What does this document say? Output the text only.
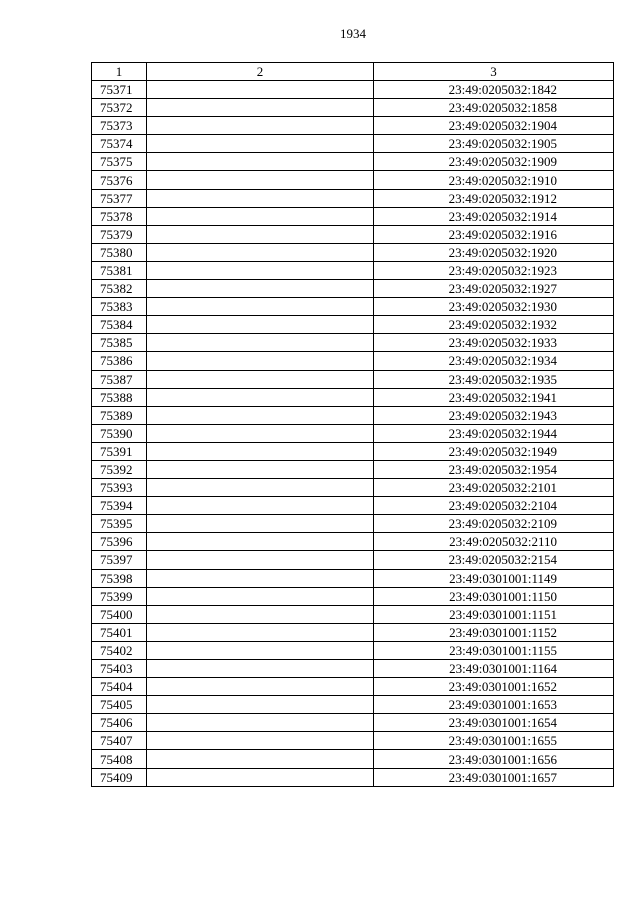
1934
1	2	3
75371		23:49:0205032:1842
75372		23:49:0205032:1858
75373		23:49:0205032:1904
75374		23:49:0205032:1905
75375		23:49:0205032:1909
75376		23:49:0205032:1910
75377		23:49:0205032:1912
75378		23:49:0205032:1914
75379		23:49:0205032:1916
75380		23:49:0205032:1920
75381		23:49:0205032:1923
75382		23:49:0205032:1927
75383		23:49:0205032:1930
75384		23:49:0205032:1932
75385		23:49:0205032:1933
75386		23:49:0205032:1934
75387		23:49:0205032:1935
75388		23:49:0205032:1941
75389		23:49:0205032:1943
75390		23:49:0205032:1944
75391		23:49:0205032:1949
75392		23:49:0205032:1954
75393		23:49:0205032:2101
75394		23:49:0205032:2104
75395		23:49:0205032:2109
75396		23:49:0205032:2110
75397		23:49:0205032:2154
75398		23:49:0301001:1149
75399		23:49:0301001:1150
75400		23:49:0301001:1151
75401		23:49:0301001:1152
75402		23:49:0301001:1155
75403		23:49:0301001:1164
75404		23:49:0301001:1652
75405		23:49:0301001:1653
75406		23:49:0301001:1654
75407		23:49:0301001:1655
75408		23:49:0301001:1656
75409		23:49:0301001:1657
